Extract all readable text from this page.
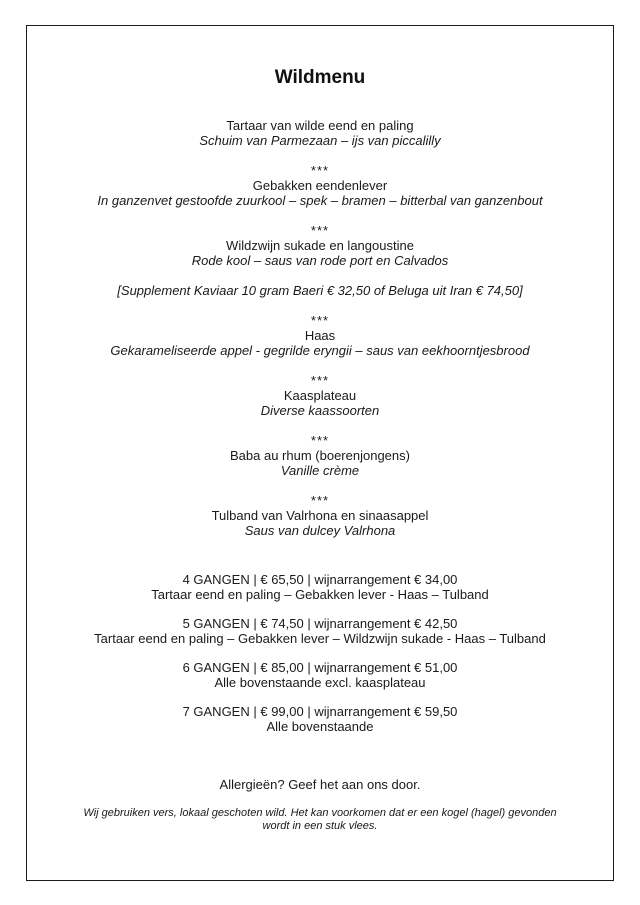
Wildmenu

Tartaar van wilde eend en paling

Schuim van Parmezaan – ijs van piccalilly

***

Gebakken eendenlever

In ganzenvet gestoofde zuurkool – spek – bramen – bitterbal van ganzenbout

***

Wildzwijn sukade en langoustine

Rode kool – saus van rode port en Calvados

[Supplement Kaviaar 10 gram Baeri € 32,50 of Beluga uit Iran € 74,50]

***

Haas

Gekarameliseerde appel - gegrilde eryngii – saus van eekhoorntjesbrood

***

Kaasplateau

Diverse kaassoorten

***

Baba au rhum (boerenjongens)

Vanille crème

***

Tulband van Valrhona en sinaasappel

Saus van dulcey Valrhona

4 GANGEN | € 65,50 | wijnarrangement € 34,00

Tartaar eend en paling – Gebakken lever - Haas – Tulband

5 GANGEN | € 74,50 | wijnarrangement € 42,50

Tartaar eend en paling – Gebakken lever – Wildzwijn sukade - Haas – Tulband

6 GANGEN | € 85,00 | wijnarrangement € 51,00

Alle bovenstaande excl. kaasplateau

7 GANGEN | € 99,00 | wijnarrangement € 59,50

Alle bovenstaande

Allergieën? Geef het aan ons door.

Wij gebruiken vers, lokaal geschoten wild. Het kan voorkomen dat er een kogel (hagel) gevonden wordt in een stuk vlees.
